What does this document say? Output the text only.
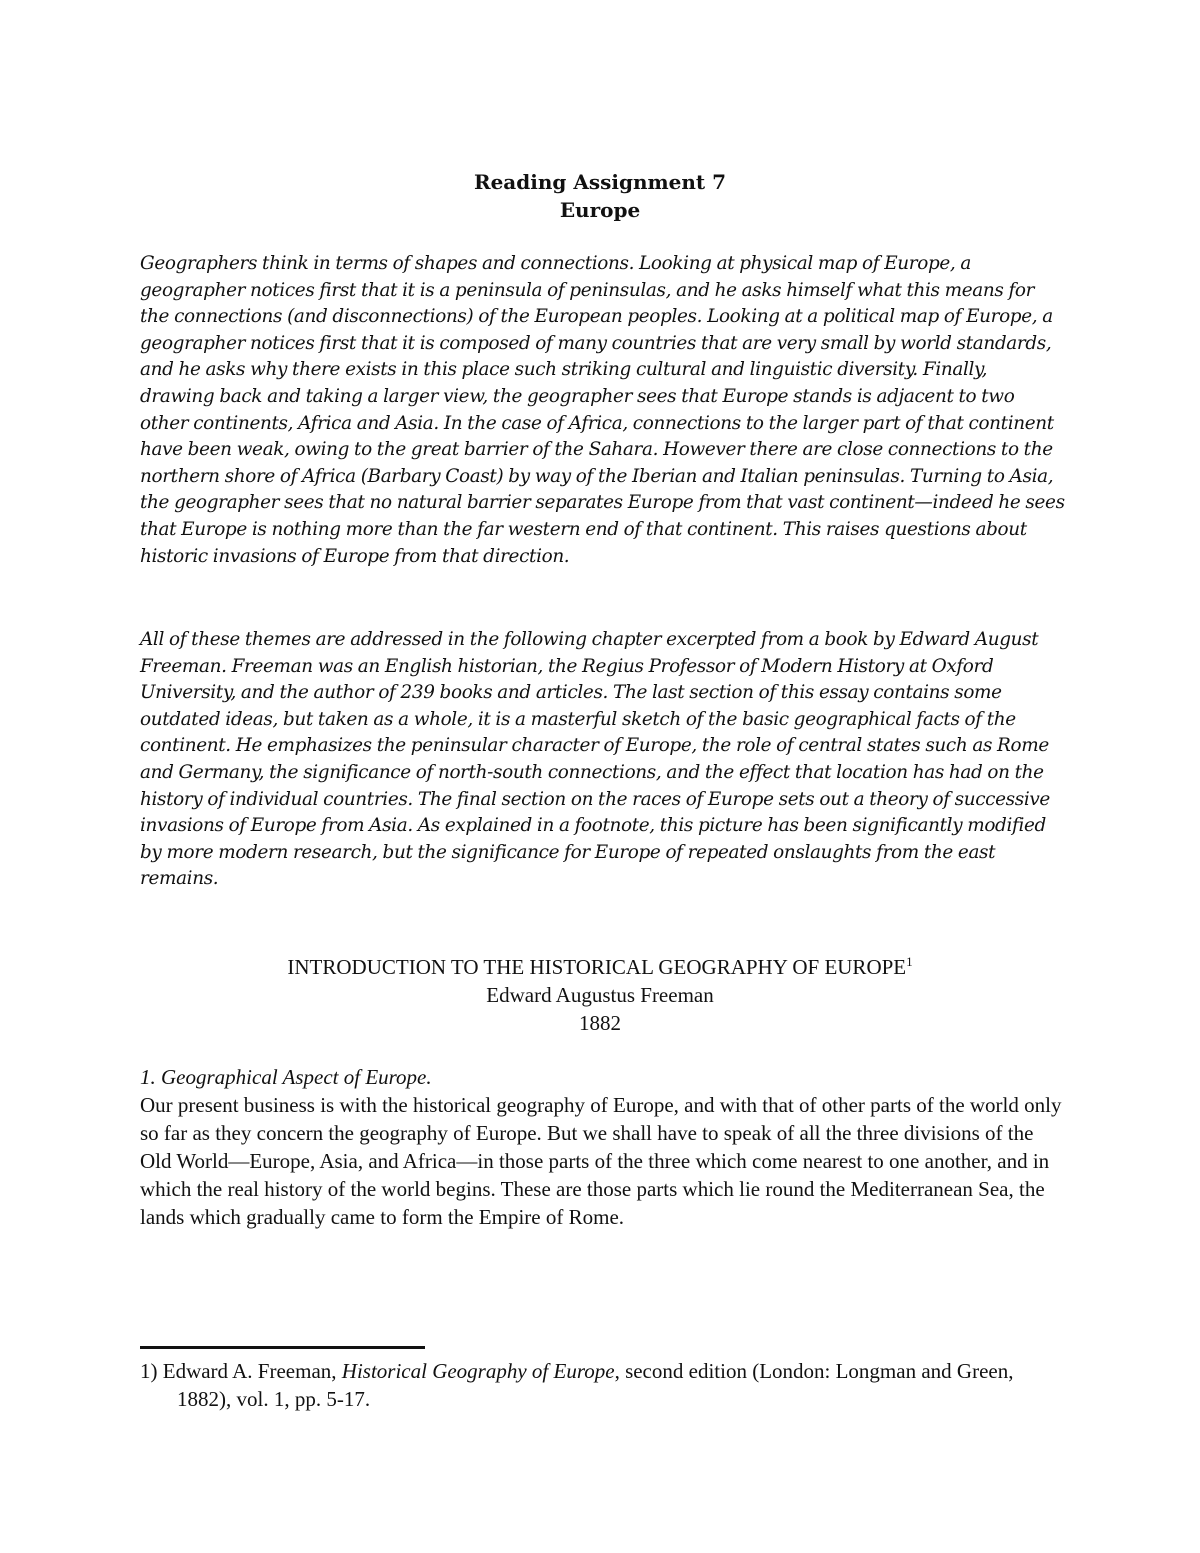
Reading Assignment 7
Europe

Geographers think in terms of shapes and connections. Looking at physical map of Europe, a geographer notices first that it is a peninsula of peninsulas, and he asks himself what this means for the connections (and disconnections) of the European peoples. Looking at a political map of Europe, a geographer notices first that it is composed of many countries that are very small by world standards, and he asks why there exists in this place such striking cultural and linguistic diversity. Finally, drawing back and taking a larger view, the geographer sees that Europe stands is adjacent to two other continents, Africa and Asia. In the case of Africa, connections to the larger part of that continent have been weak, owing to the great barrier of the Sahara. However there are close connections to the northern shore of Africa (Barbary Coast) by way of the Iberian and Italian peninsulas. Turning to Asia, the geographer sees that no natural barrier separates Europe from that vast continent—indeed he sees that Europe is nothing more than the far western end of that continent. This raises questions about historic invasions of Europe from that direction.

All of these themes are addressed in the following chapter excerpted from a book by Edward August Freeman. Freeman was an English historian, the Regius Professor of Modern History at Oxford University, and the author of 239 books and articles. The last section of this essay contains some outdated ideas, but taken as a whole, it is a masterful sketch of the basic geographical facts of the continent. He emphasizes the peninsular character of Europe, the role of central states such as Rome and Germany, the significance of north-south connections, and the effect that location has had on the history of individual countries. The final section on the races of Europe sets out a theory of successive invasions of Europe from Asia. As explained in a footnote, this picture has been significantly modified by more modern research, but the significance for Europe of repeated onslaughts from the east remains.

INTRODUCTION TO THE HISTORICAL GEOGRAPHY OF EUROPE$^1$
Edward Augustus Freeman
1882
1. Geographical Aspect of Europe.

Our present business is with the historical geography of Europe, and with that of other parts of the world only so far as they concern the geography of Europe. But we shall have to speak of all the three divisions of the Old World—Europe, Asia, and Africa—in those parts of the three which come nearest to one another, and in which the real history of the world begins. These are those parts which lie round the Mediterranean Sea, the lands which gradually came to form the Empire of Rome.

1) Edward A. Freeman, Historical Geography of Europe, second edition (London: Longman and Green, 1882), vol. 1, pp. 5-17.
